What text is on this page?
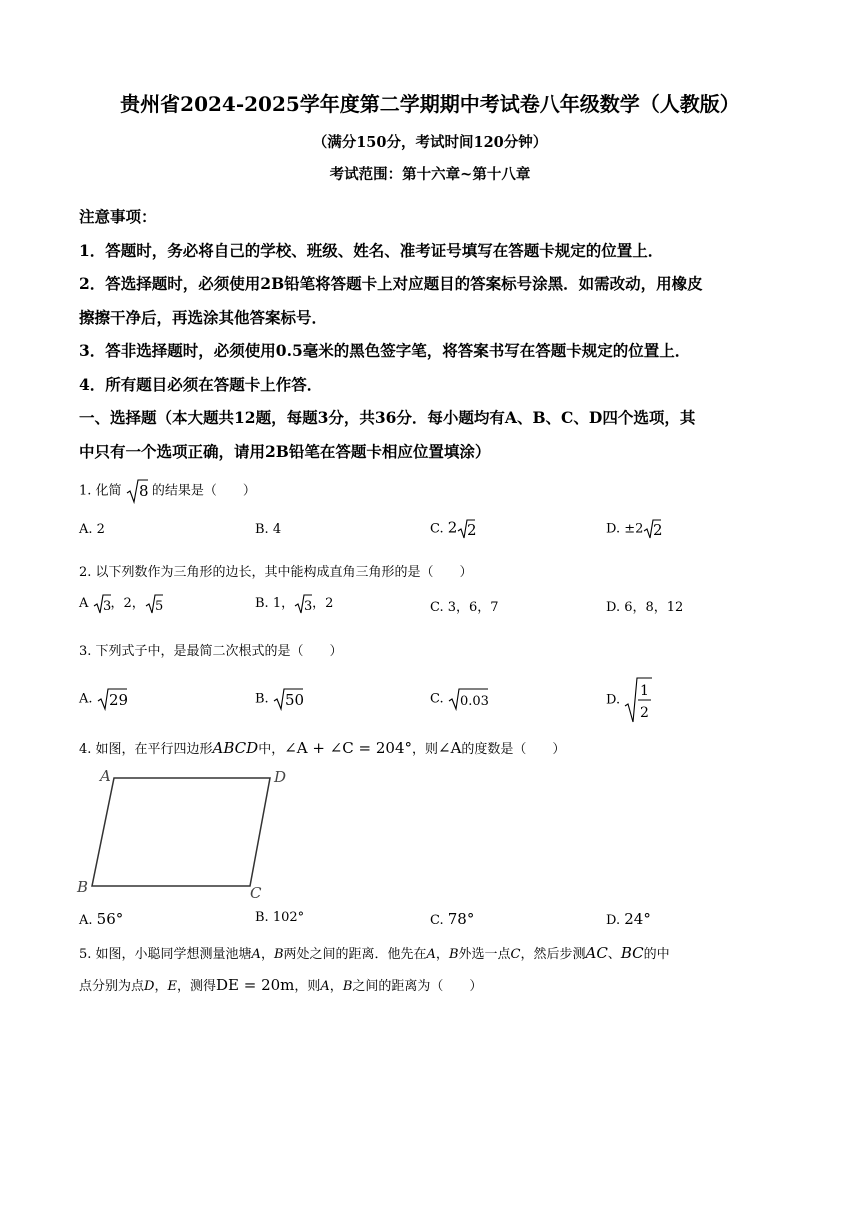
贵州省2024-2025学年度第二学期期中考试卷八年级数学（人教版）
（满分150分，考试时间120分钟）
考试范围：第十六章~第十八章
注意事项：
1．答题时，务必将自己的学校、班级、姓名、准考证号填写在答题卡规定的位置上．
2．答选择题时，必须使用2B铅笔将答题卡上对应题目的答案标号涂黑．如需改动，用橡皮
擦擦干净后，再选涂其他答案标号．
3．答非选择题时，必须使用0.5毫米的黑色签字笔，将答案书写在答题卡规定的位置上．
4．所有题目必须在答题卡上作答．
一、选择题（本大题共12题，每题3分，共36分．每小题均有A、B、C、D四个选项，其
中只有一个选项正确，请用2B铅笔在答题卡相应位置填涂）
1. 化简 8 的结果是（　　）
A. 2	B. 4	C. 2 2	D. ±2 2
2. 以下列数作为三角形的边长，其中能构成直角三角形的是（　　）
A 3 ，2， 5	B. 1， 3 ，2	C. 3，6，7	D. 6，8，12
3. 下列式子中，是最简二次根式的是（　　）
A. 29	B. 50	C. 0.03	D.
1
2
4. 如图，在平行四边形ABCD中，∠A + ∠C = 204°，则∠A的度数是（　　）
A	D
B	C
A. 56°	B. 102°	C. 78°	D. 24°
5. 如图，小聪同学想测量池塘A，B两处之间的距离．他先在A，B外选一点C，然后步测AC、BC的中
点分别为点D，E，测得DE = 20m，则A，B之间的距离为（　　）
